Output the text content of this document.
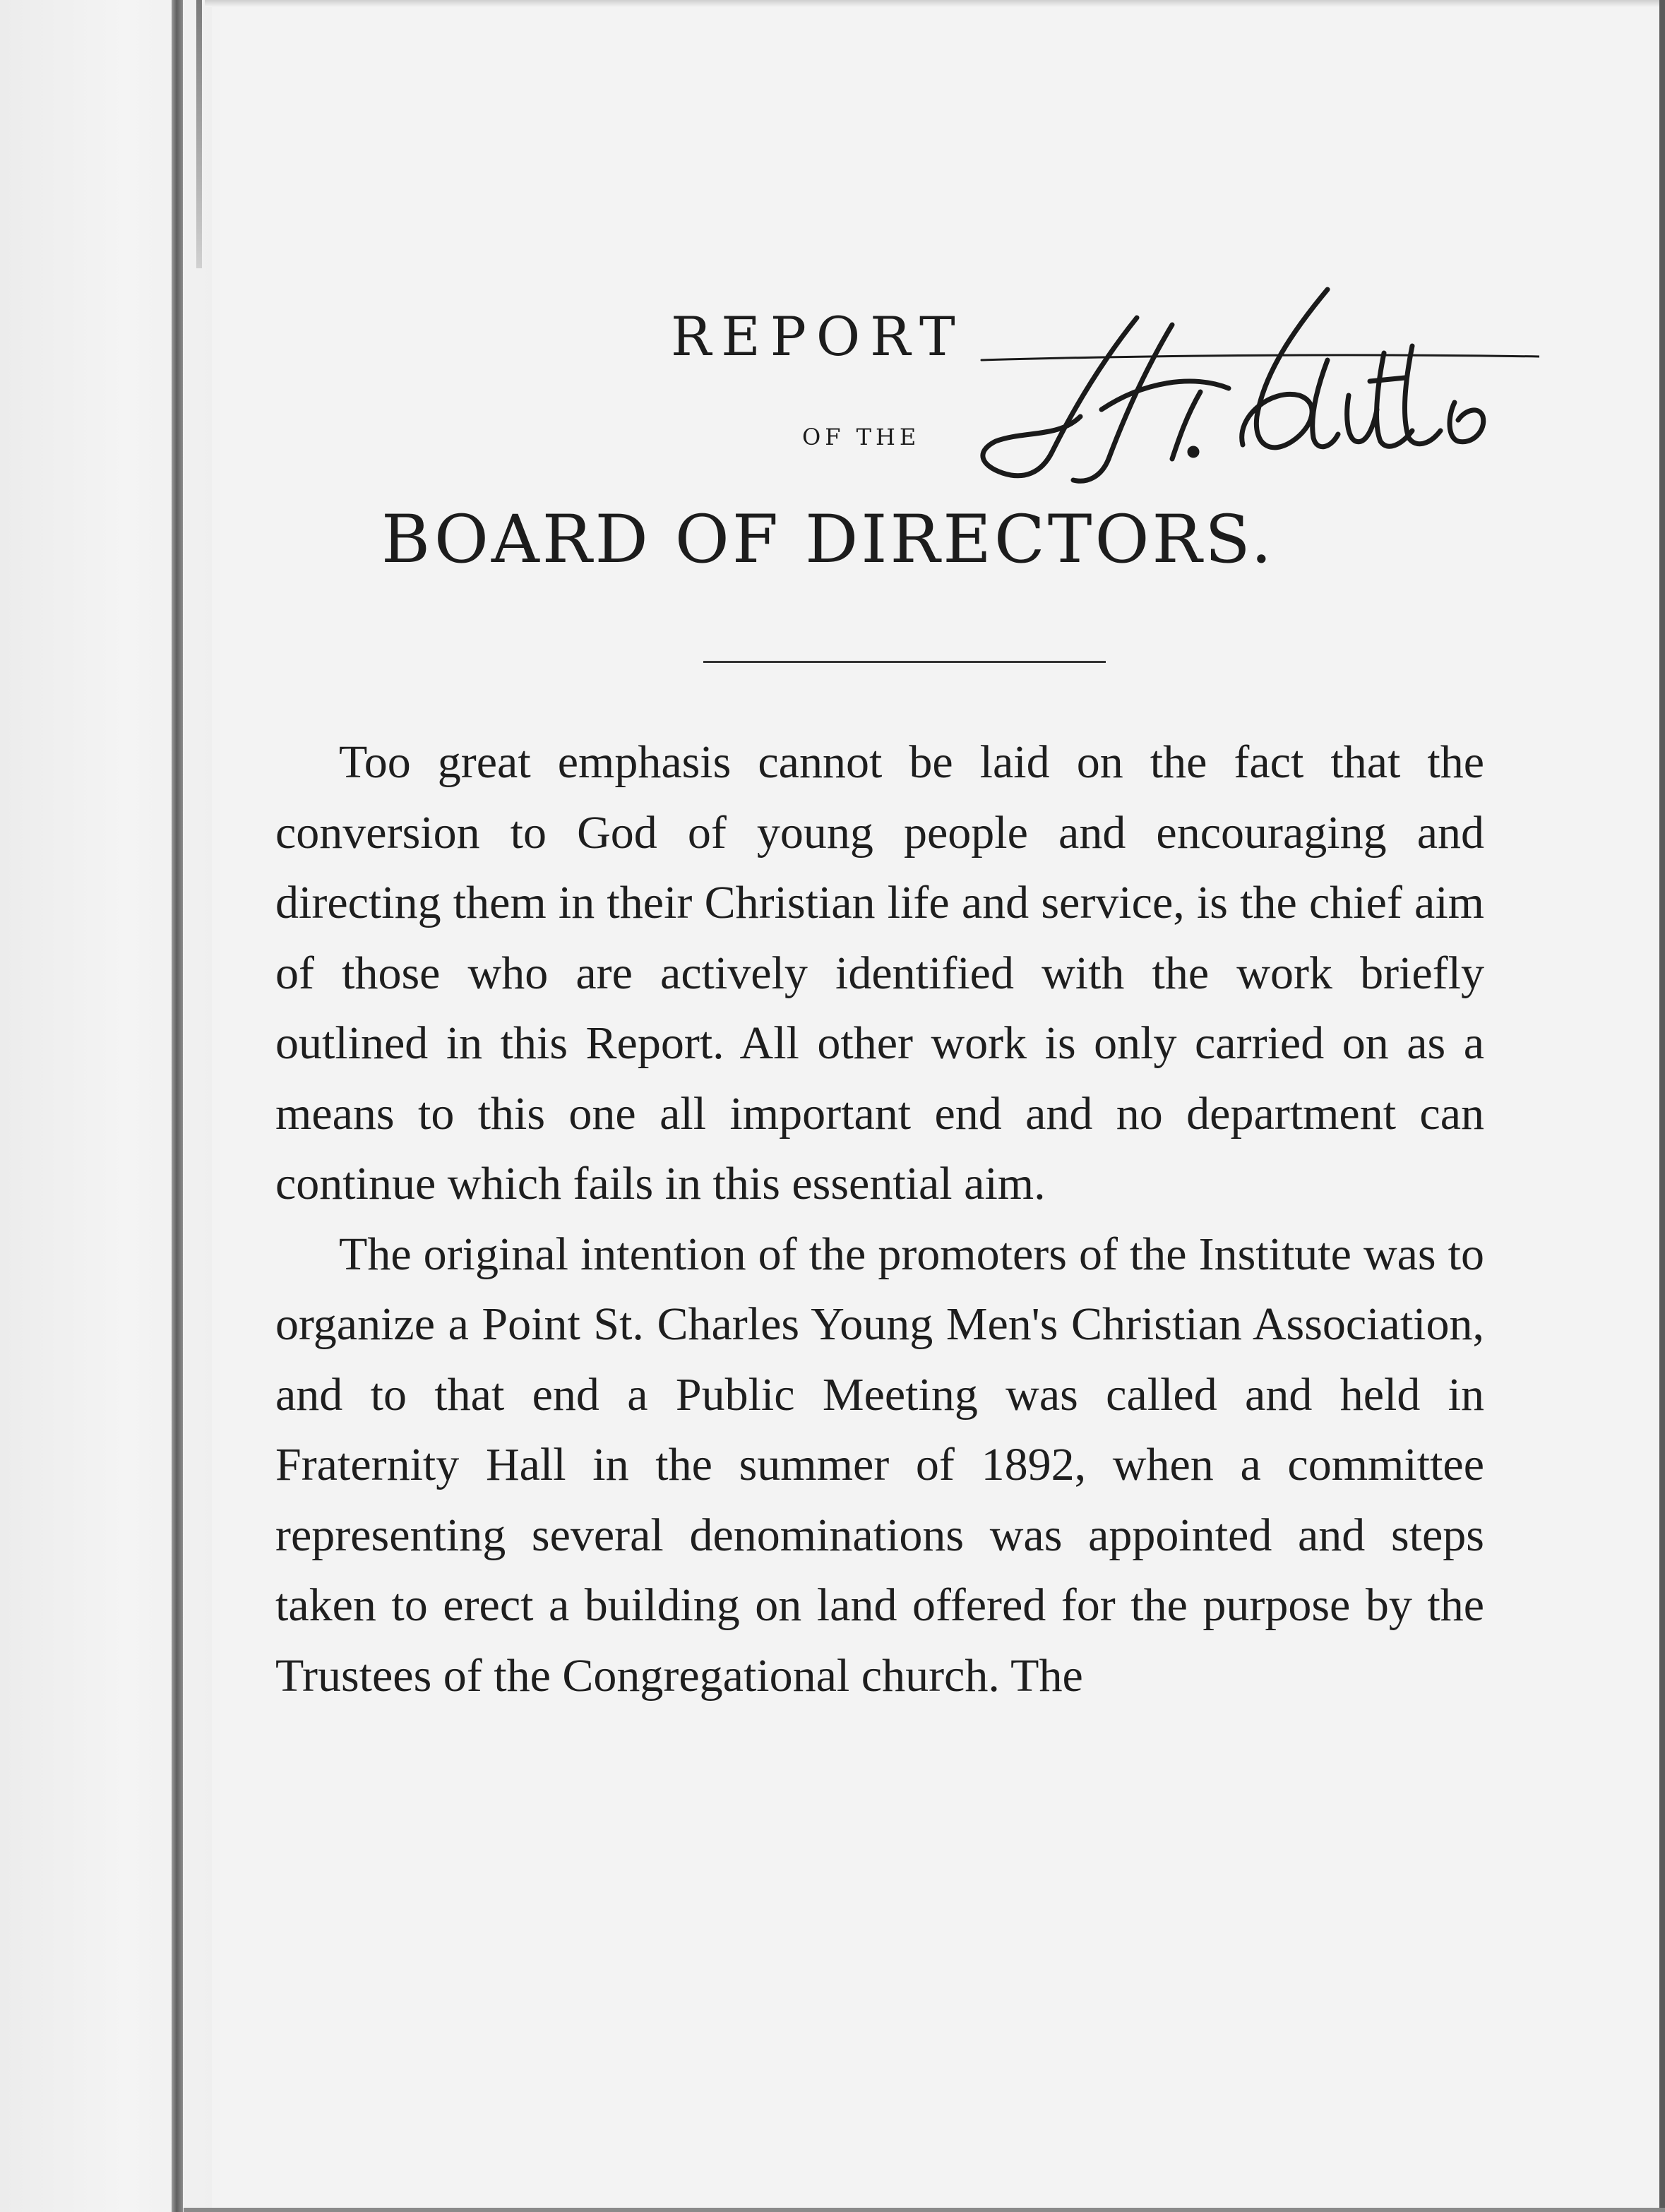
REPORT
OF THE
BOARD OF DIRECTORS.

Too great emphasis cannot be laid on the fact that the conversion to God of young people and encouraging and directing them in their Christian life and service, is the chief aim of those who are actively identified with the work briefly outlined in this Report. All other work is only carried on as a means to this one all important end and no department can continue which fails in this essential aim.

The original intention of the promoters of the Institute was to organize a Point St. Charles Young Men's Christian Association, and to that end a Public Meeting was called and held in Fraternity Hall in the summer of 1892, when a committee representing several denominations was appointed and steps taken to erect a building on land offered for the purpose by the Trustees of the Congregational church. The
